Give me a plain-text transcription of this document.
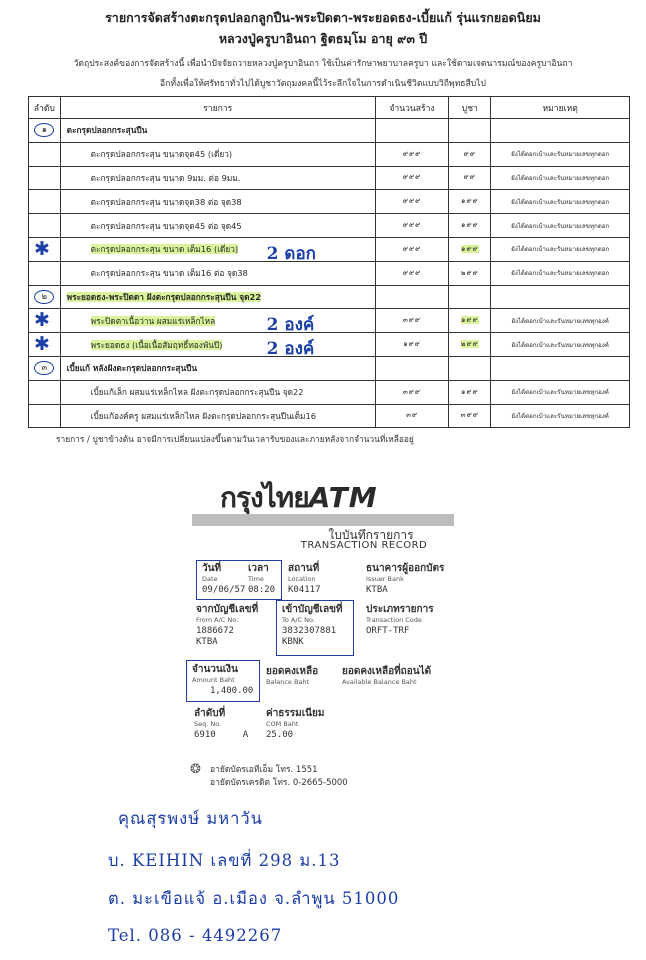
รายการจัดสร้างตะกรุดปลอกลูกปืน-พระปิดตา-พระยอดธง-เบี้ยแก้ รุ่นแรกยอดนิยม
หลวงปู่ครูบาอินถา ฐิตธมฺโม อายุ ๙๓ ปี
วัตถุประสงค์ของการจัดสร้างนี้ เพื่อนำปัจจัยถวายหลวงปู่ครูบาอินถา ใช้เป็นค่ารักษาพยาบาลครูบา และใช้ตามเจตนารมณ์ของครูบาอินถา
อีกทั้งเพื่อให้ศรัทธาทั่วไปได้บูชาวัตถุมงคลนี้ไว้ระลึกใจในการดำเนินชีวิตแบบวิถีพุทธสืบไป
ลำดับ	รายการ	จำนวนสร้าง	บูชา	หมายเหตุ
๑	ตะกรุดปลอกกระสุนปืน			
	ตะกรุดปลอกกระสุน ขนาดจุด45 (เดี่ยว)	๙๙๙	๙๙	ยังได้ตอกเบ้าและรันหมายเลขทุกดอก
	ตะกรุดปลอกกระสุน ขนาด 9มม. ต่อ 9มม.	๙๙๙	๙๙	ยังได้ตอกเบ้าและรันหมายเลขทุกดอก
	ตะกรุดปลอกกระสุน ขนาดจุด38 ต่อ จุด38	๙๙๙	๑๙๙	ยังได้ตอกเบ้าและรันหมายเลขทุกดอก
	ตะกรุดปลอกกระสุน ขนาดจุด45 ต่อ จุด45	๙๙๙	๑๙๙	ยังได้ตอกเบ้าและรันหมายเลขทุกดอก

✱	ตะกรุดปลอกกระสุน ขนาด เต็ม16 (เดี่ยว) 2 ดอก	๙๙๙	๑๙๙	ยังได้ตอกเบ้าและรันหมายเลขทุกดอก
	ตะกรุดปลอกกระสุน ขนาด เต็ม16 ต่อ จุด38	๙๙๙	๒๙๙	ยังได้ตอกเบ้าและรันหมายเลขทุกดอก
๒	พระยอดธง-พระปิดตา ฝังตะกรุดปลอกกระสุนปืน จุด22			

✱	พระปิดตาเนื้อว่าน ผสมแร่เหล็กไหล 2 องค์	๓๙๙	๑๙๙	ยังได้ตอกเบ้าและรันหมายเลขทุกองค์

✱	พระยอดธง (เนื้อเนื้อสัมฤทธิ์ทองพันปี) 2 องค์	๑๙๙	๒๙๙	ยังได้ตอกเบ้าและรันหมายเลขทุกองค์
๓	เบี้ยแก้ หลังฝังตะกรุดปลอกกระสุนปืน			
	เบี้ยแก้เล็ก ผสมแร่เหล็กไหล ฝังตะกรุดปลอกกระสุนปืน จุด22	๓๙๙	๑๙๙	ยังได้ตอกเบ้าและรันหมายเลขทุกองค์
	เบี้ยแก้องค์ครู ผสมแร่เหล็กไหล ฝังตะกรุดปลอกกระสุนปืนเต็ม16	๓๙	๓๙๙	ยังได้ตอกเบ้าและรันหมายเลขทุกองค์
รายการ / บูชาข้างต้น อาจมีการเปลี่ยนแปลงขึ้นตามวันเวลารับของและภายหลังจากจำนวนที่เหลืออยู่
กรุงไทยATM
ใบบันทึกรายการ
TRANSACTION RECORD
วันที่
Date
09/06/57
เวลา
Time
08:20
สถานที่
Location
K04117
ธนาคารผู้ออกบัตร
Issuer Bank
KTBA
จากบัญชีเลขที่
From A/C No.
1886672
KTBA
เข้าบัญชีเลขที่
To A/C No.
3832307881
KBNK
ประเภทรายการ
Transaction Code
ORFT-TRF
จำนวนเงิน
Amount Baht
1,400.00
ยอดคงเหลือ
Balance Baht
ยอดคงเหลือที่ถอนได้
Available Balance Baht
ลำดับที่
Seq. No.
6910	A
ค่าธรรมเนียม
COM Baht
25.00
❂ อายัดบัตรเอทีเอ็ม โทร. 1551
อายัดบัตรเครดิต โทร. 0-2665-5000
คุณสุรพงษ์ มหาวัน
บ. KEIHIN เลขที่ 298 ม.13
ต. มะเขือแจ้ อ.เมือง จ.ลำพูน 51000
Tel. 086 - 4492267
